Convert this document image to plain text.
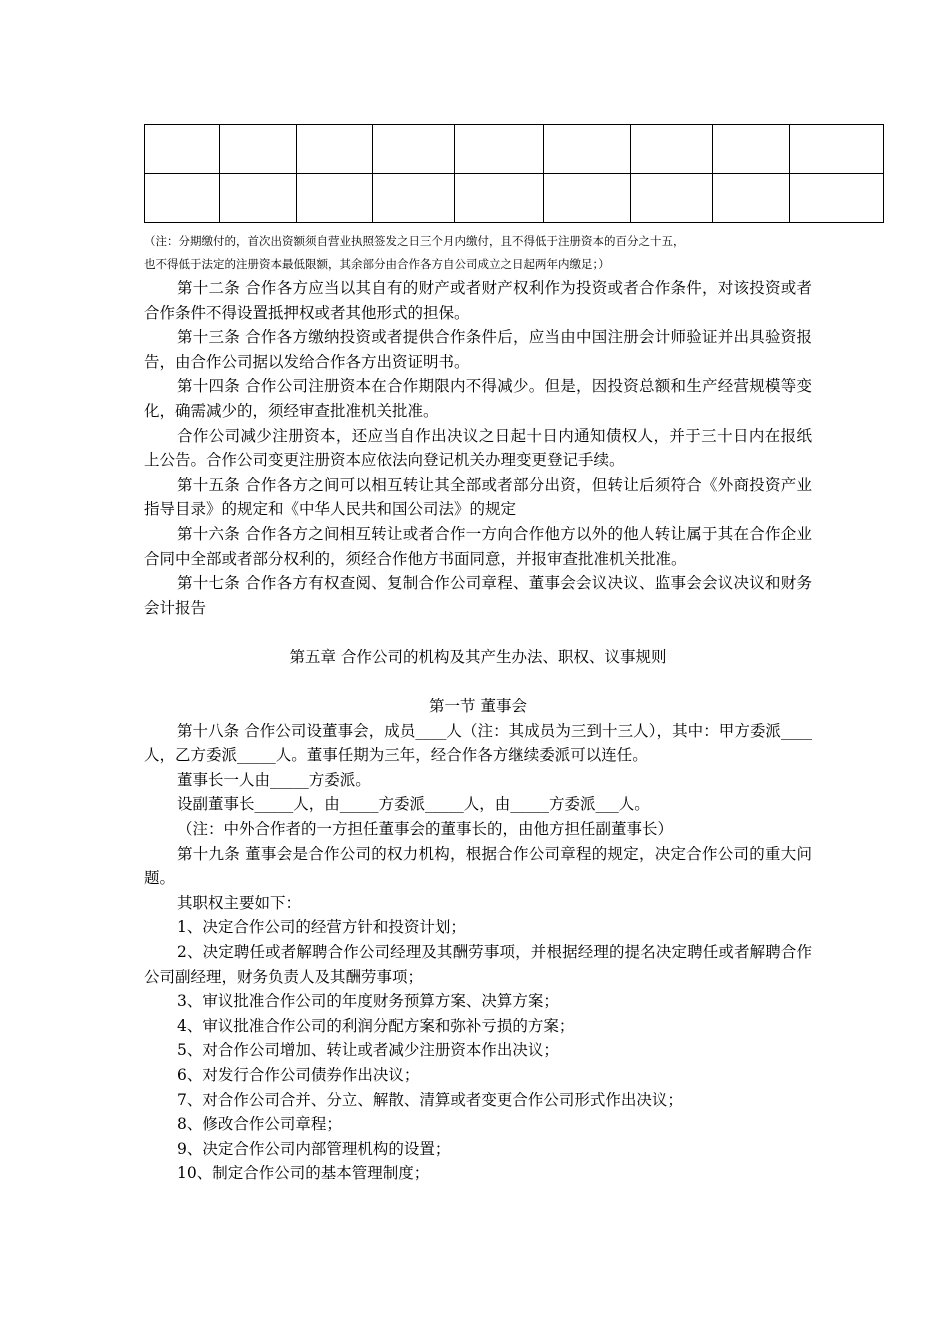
（注：分期缴付的，首次出资额须自营业执照签发之日三个月内缴付，且不得低于注册资本的百分之十五，
也不得低于法定的注册资本最低限额，其余部分由合作各方自公司成立之日起两年内缴足；）

第十二条 合作各方应当以其自有的财产或者财产权利作为投资或者合作条件，对该投资或者合作条件不得设置抵押权或者其他形式的担保。

第十三条 合作各方缴纳投资或者提供合作条件后，应当由中国注册会计师验证并出具验资报告，由合作公司据以发给合作各方出资证明书。

第十四条 合作公司注册资本在合作期限内不得减少。但是，因投资总额和生产经营规模等变化，确需减少的，须经审查批准机关批准。

合作公司减少注册资本，还应当自作出决议之日起十日内通知债权人，并于三十日内在报纸上公告。合作公司变更注册资本应依法向登记机关办理变更登记手续。

第十五条 合作各方之间可以相互转让其全部或者部分出资，但转让后须符合《外商投资产业指导目录》的规定和《中华人民共和国公司法》的规定

第十六条 合作各方之间相互转让或者合作一方向合作他方以外的他人转让属于其在合作企业合同中全部或者部分权利的，须经合作他方书面同意，并报审查批准机关批准。

第十七条 合作各方有权查阅、复制合作公司章程、董事会会议决议、监事会会议决议和财务会计报告

第五章 合作公司的机构及其产生办法、职权、议事规则

第一节 董事会

第十八条 合作公司设董事会，成员____人（注：其成员为三到十三人），其中：甲方委派____人，乙方委派_____人。董事任期为三年，经合作各方继续委派可以连任。

董事长一人由_____方委派。

设副董事长_____人，由_____方委派_____人，由_____方委派___人。

（注：中外合作者的一方担任董事会的董事长的，由他方担任副董事长）

第十九条 董事会是合作公司的权力机构，根据合作公司章程的规定，决定合作公司的重大问题。

其职权主要如下：

1、决定合作公司的经营方针和投资计划；

2、决定聘任或者解聘合作公司经理及其酬劳事项，并根据经理的提名决定聘任或者解聘合作公司副经理，财务负责人及其酬劳事项；

3、审议批准合作公司的年度财务预算方案、决算方案；

4、审议批准合作公司的利润分配方案和弥补亏损的方案；

5、对合作公司增加、转让或者减少注册资本作出决议；

6、对发行合作公司债券作出决议；

7、对合作公司合并、分立、解散、清算或者变更合作公司形式作出决议；

8、修改合作公司章程；

9、决定合作公司内部管理机构的设置；

10、制定合作公司的基本管理制度；
